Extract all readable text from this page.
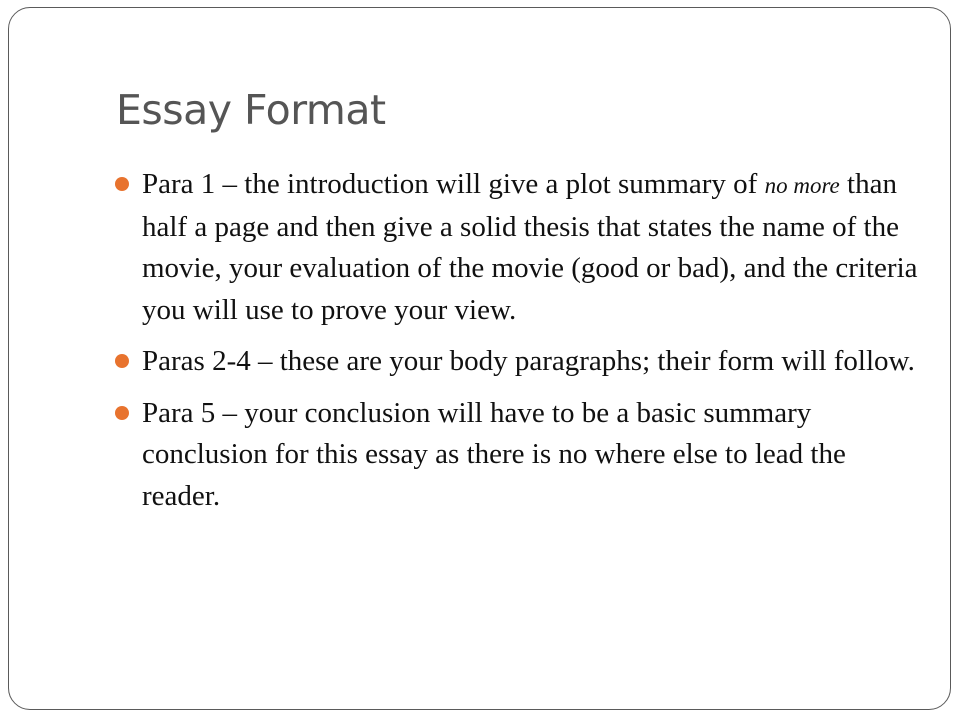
Essay Format
Para 1 – the introduction will give a plot summary of no more than half a page and then give a solid thesis that states the name of the movie, your evaluation of the movie (good or bad), and the criteria you will use to prove your view.
Paras 2-4 – these are your body paragraphs; their form will follow.
Para 5 – your conclusion will have to be a basic summary conclusion for this essay as there is no where else to lead the reader.
